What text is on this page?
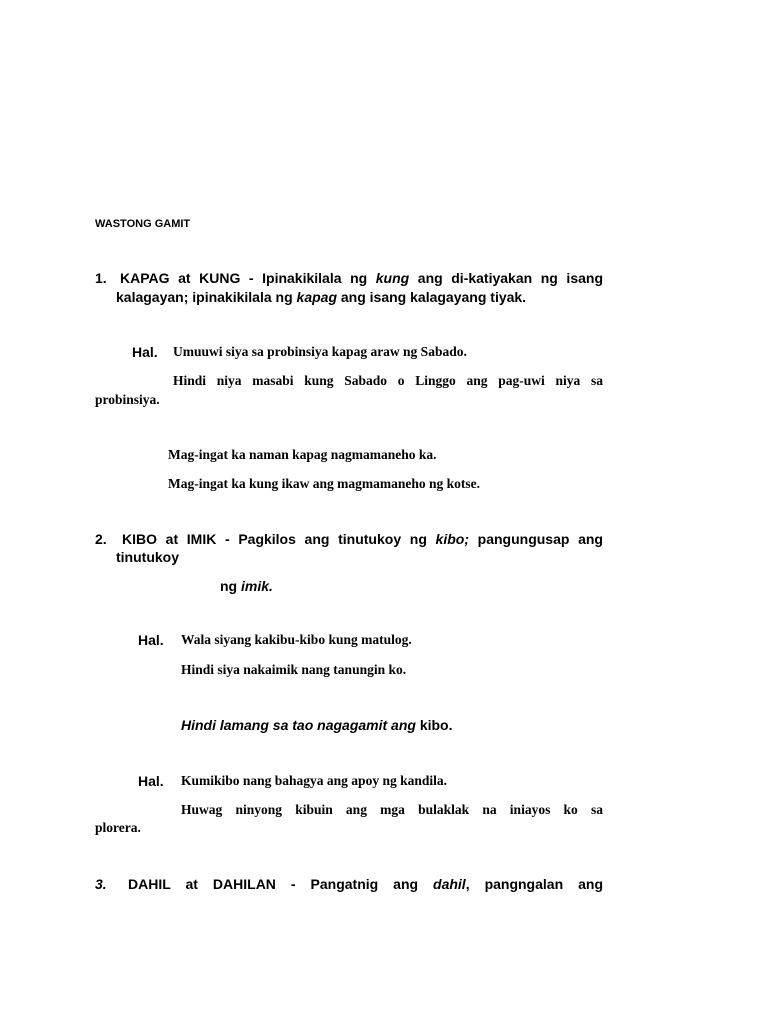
WASTONG GAMIT
1. KAPAG at KUNG - Ipinakikilala ng kung ang di-katiyakan ng isang
kalagayan; ipinakikilala ng kapag ang isang kalagayang tiyak.
Hal. Umuuwi siya sa probinsiya kapag araw ng Sabado.
Hindi niya masabi kung Sabado o Linggo ang pag-uwi niya sa
probinsiya.
Mag-ingat ka naman kapag nagmamaneho ka.
Mag-ingat ka kung ikaw ang magmamaneho ng kotse.
2. KIBO at IMIK - Pagkilos ang tinutukoy ng kibo; pangungusap ang
tinutukoy
ng imik.
Hal. Wala siyang kakibu-kibo kung matulog.
Hindi siya nakaimik nang tanungin ko.
Hindi lamang sa tao nagagamit ang kibo.
Hal. Kumikibo nang bahagya ang apoy ng kandila.
Huwag ninyong kibuin ang mga bulaklak na iniayos ko sa
plorera.
3. DAHIL at DAHILAN - Pangatnig ang dahil, pangngalan ang
